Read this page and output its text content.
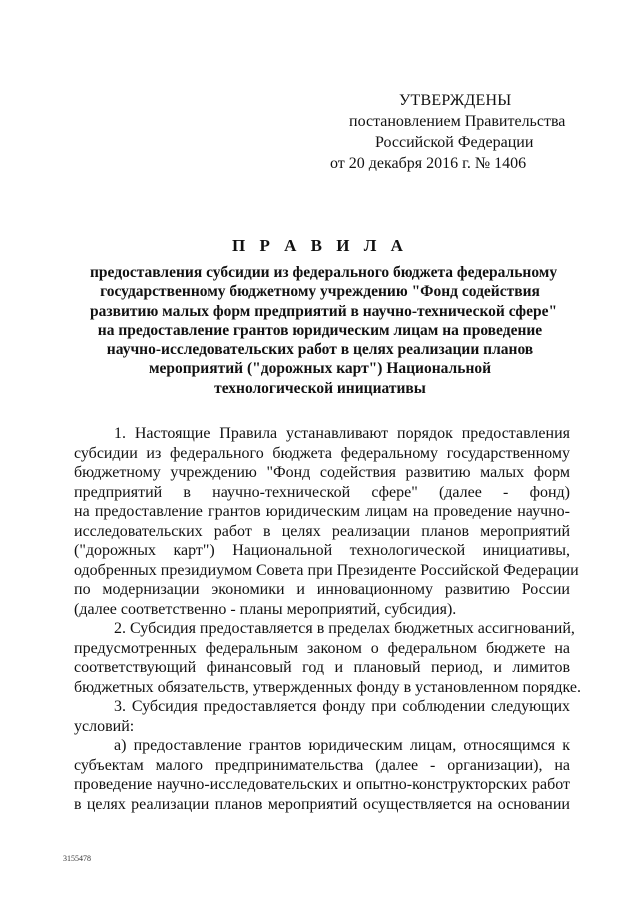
УТВЕРЖДЕНЫ
постановлением Правительства
Российской Федерации
от 20 декабря 2016 г. № 1406
П Р А В И Л А
предоставления субсидии из федерального бюджета федеральному
государственному бюджетному учреждению "Фонд содействия
развитию малых форм предприятий в научно-технической сфере"
на предоставление грантов юридическим лицам на проведение
научно-исследовательских работ в целях реализации планов
мероприятий ("дорожных карт") Национальной
технологической инициативы
1. Настоящие Правила устанавливают порядок предоставления
субсидии из федерального бюджета федеральному государственному
бюджетному учреждению "Фонд содействия развитию малых форм
предприятий в научно-технической сфере" (далее - фонд)
на предоставление грантов юридическим лицам на проведение научно-
исследовательских работ в целях реализации планов мероприятий
("дорожных карт") Национальной технологической инициативы,
одобренных президиумом Совета при Президенте Российской Федерации
по модернизации экономики и инновационному развитию России
(далее соответственно - планы мероприятий, субсидия).
2. Субсидия предоставляется в пределах бюджетных ассигнований,
предусмотренных федеральным законом о федеральном бюджете на
соответствующий финансовый год и плановый период, и лимитов
бюджетных обязательств, утвержденных фонду в установленном порядке.
3. Субсидия предоставляется фонду при соблюдении следующих
условий:
а) предоставление грантов юридическим лицам, относящимся к
субъектам малого предпринимательства (далее - организации), на
проведение научно-исследовательских и опытно-конструкторских работ
в целях реализации планов мероприятий осуществляется на основании
3155478
